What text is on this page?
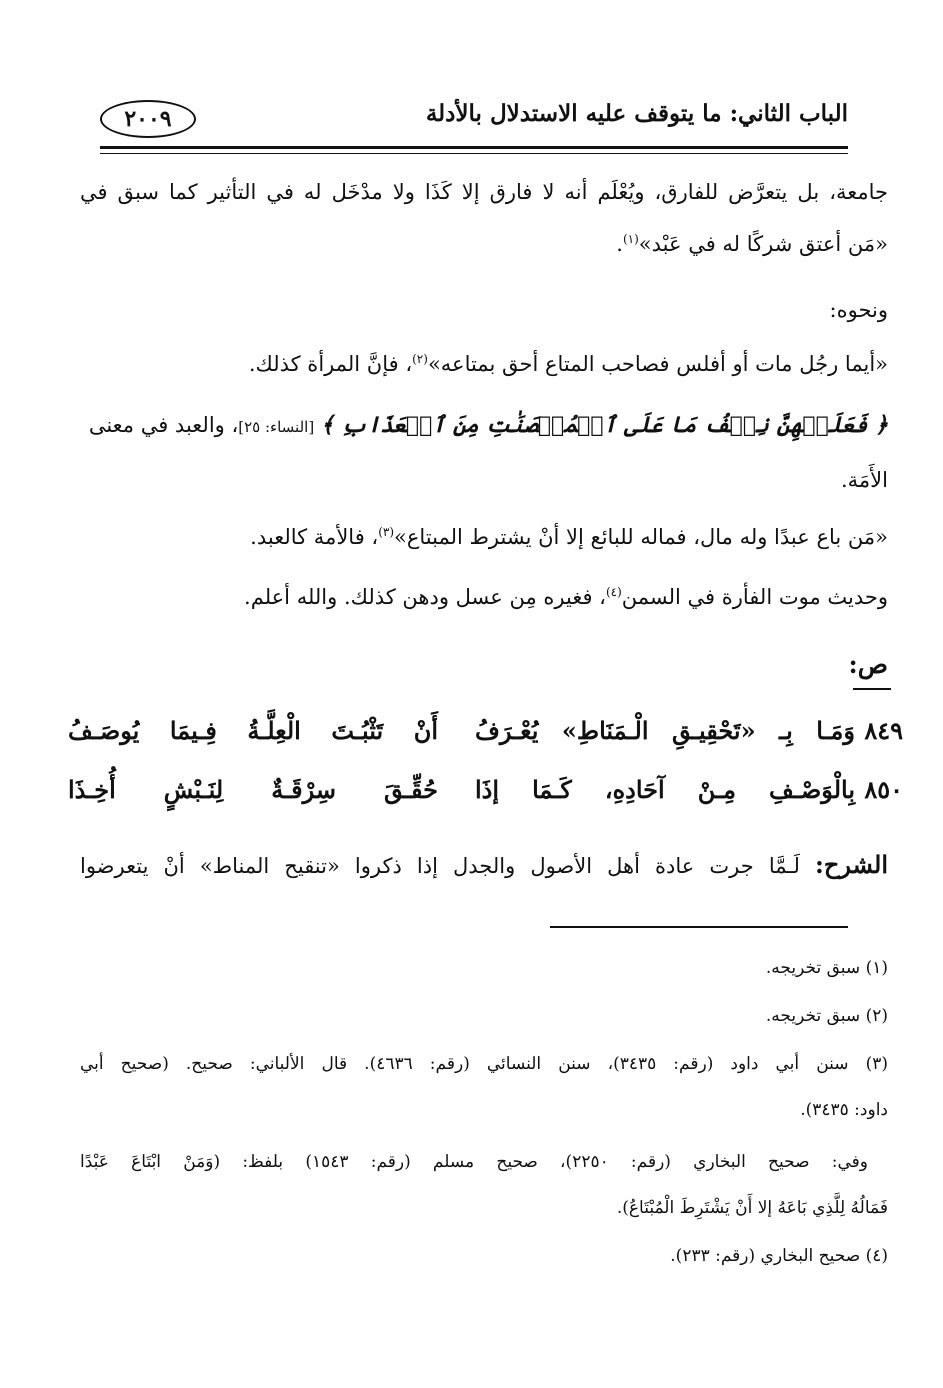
الباب الثاني: ما يتوقف عليه الاستدلال بالأدلة
٢٠٠٩
جامعة، بل يتعرَّض للفارق، ويُعْلَم أنه لا فارق إلا كَذَا ولا مدْخَل له في التأثير كما سبق في
«مَن أعتق شركًا له في عَبْد»$^{(١)}$.
ونحوه:
«أيما رجُل مات أو أفلس فصاحب المتاع أحق بمتاعه»$^{(٢)}$، فإنَّ المرأة كذلك.
﴿ فَعَلَيۡهِنَّ نِصۡفُ مَا عَلَى ٱلۡمُحۡصَنَٰتِ مِنَ ٱلۡعَذَابِ ﴾ [النساء: ٢٥]، والعبد في معنى
الأَمَة.
«مَن باع عبدًا وله مال، فماله للبائع إلا أنْ يشترط المبتاع»$^{(٣)}$، فالأمة كالعبد.
وحديث موت الفأرة في السمن$^{(٤)}$، فغيره مِن عسل ودهن كذلك. والله أعلم.
ص:
٨٤٩
وَمَـا بِـ «تَحْقِيـقِ الْـمَنَاطِ» يُعْـرَفُ
أَنْ تَثْبُـتَ الْعِلَّـةُ فِـيمَا يُوصَـفُ
٨٥٠
بِالْوَصْـفِ مِـنْ آحَادِهِ، كَـمَا إذَا
حُقِّـقَ سِرْقَـةٌ لِنَـبْشٍ أُخِـذَا
الشرح: لَـمَّا جرت عادة أهل الأصول والجدل إذا ذكروا «تنقيح المناط» أنْ يتعرضوا
(١) سبق تخريجه.
(٢) سبق تخريجه.
(٣) سنن أبي داود (رقم: ٣٤٣٥)، سنن النسائي (رقم: ٤٦٣٦). قال الألباني: صحيح. (صحيح أبي
داود: ٣٤٣٥).
وفي: صحيح البخاري (رقم: ٢٢٥٠)، صحيح مسلم (رقم: ١٥٤٣) بلفظ: (وَمَنْ ابْتَاعَ عَبْدًا
فَمَالُهُ لِلَّذِي بَاعَهُ إلا أَنْ يَشْتَرِطَ الْمُبْتَاعُ).
(٤) صحيح البخاري (رقم: ٢٣٣).
